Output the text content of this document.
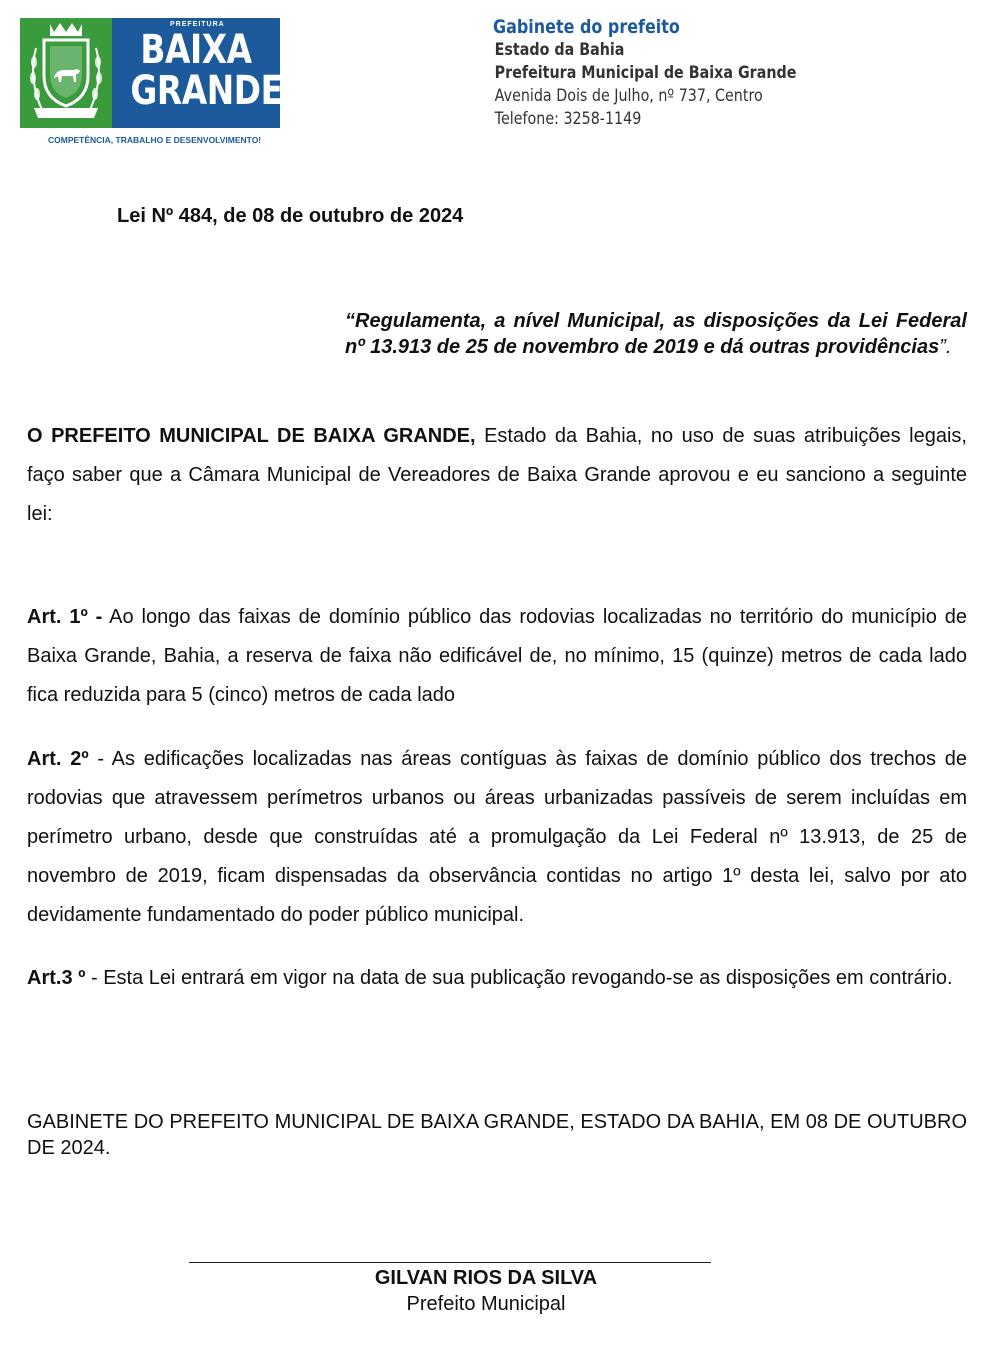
PREFEITURA
BAIXA
GRANDE
COMPETÊNCIA, TRABALHO E DESENVOLVIMENTO!
Gabinete do prefeito
Estado da Bahia
Prefeitura Municipal de Baixa Grande
Avenida Dois de Julho, nº 737, Centro
Telefone: 3258-1149
Lei Nº 484, de 08 de outubro de 2024
“Regulamenta, a nível Municipal, as disposições da Lei Federal nº 13.913 de 25 de novembro de 2019 e dá outras providências”.
O PREFEITO MUNICIPAL DE BAIXA GRANDE, Estado da Bahia, no uso de suas atribuições legais, faço saber que a Câmara Municipal de Vereadores de Baixa Grande aprovou e eu sanciono a seguinte lei:
Art. 1º - Ao longo das faixas de domínio público das rodovias localizadas no território do município de Baixa Grande, Bahia, a reserva de faixa não edificável de, no mínimo, 15 (quinze) metros de cada lado fica reduzida para 5 (cinco) metros de cada lado
Art. 2º - As edificações localizadas nas áreas contíguas às faixas de domínio público dos trechos de rodovias que atravessem perímetros urbanos ou áreas urbanizadas passíveis de serem incluídas em perímetro urbano, desde que construídas até a promulgação da Lei Federal nº 13.913, de 25 de novembro de 2019, ficam dispensadas da observância contidas no artigo 1º desta lei, salvo por ato devidamente fundamentado do poder público municipal.
Art.3 º - Esta Lei entrará em vigor na data de sua publicação revogando-se as disposições em contrário.
GABINETE DO PREFEITO MUNICIPAL DE BAIXA GRANDE, ESTADO DA BAHIA, EM 08 DE OUTUBRO DE 2024.
GILVAN RIOS DA SILVA
Prefeito Municipal
